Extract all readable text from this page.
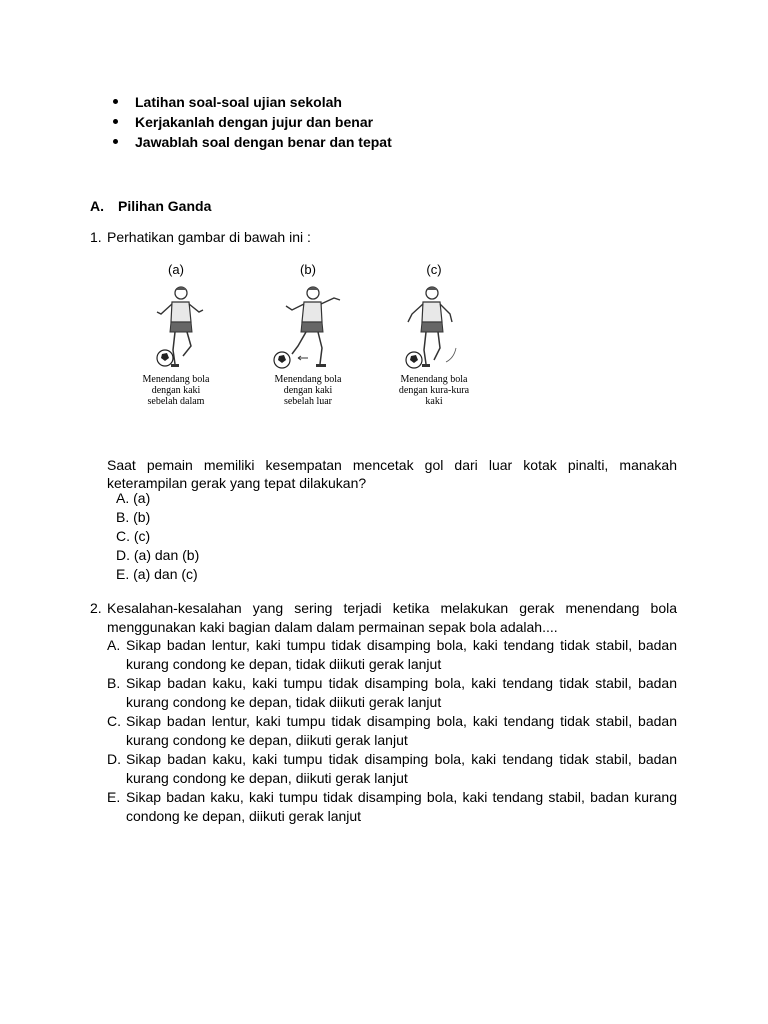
Latihan soal-soal ujian sekolah
Kerjakanlah dengan jujur dan benar
Jawablah soal dengan benar dan tepat
A. Pilihan Ganda
1. Perhatikan gambar di bawah ini :
(a)
Menendang bola
dengan kaki
sebelah dalam
(b)
Menendang bola
dengan kaki
sebelah luar
(c)
Menendang bola
dengan kura-kura
kaki
Saat pemain memiliki kesempatan mencetak gol dari luar kotak pinalti, manakah keterampilan gerak yang tepat dilakukan?
A. (a)
B. (b)
C. (c)
D. (a) dan (b)
E. (a) dan (c)
2. Kesalahan-kesalahan yang sering terjadi ketika melakukan gerak menendang bola menggunakan kaki bagian dalam dalam permainan sepak bola adalah....
A. Sikap badan lentur, kaki tumpu tidak disamping bola, kaki tendang tidak stabil, badan kurang condong ke depan, tidak diikuti gerak lanjut
B. Sikap badan kaku, kaki tumpu tidak disamping bola, kaki tendang tidak stabil, badan kurang condong ke depan, tidak diikuti gerak lanjut
C. Sikap badan lentur, kaki tumpu tidak disamping bola, kaki tendang tidak stabil, badan kurang condong ke depan, diikuti gerak lanjut
D. Sikap badan kaku, kaki tumpu tidak disamping bola, kaki tendang tidak stabil, badan kurang condong ke depan, diikuti gerak lanjut
E. Sikap badan kaku, kaki tumpu tidak disamping bola, kaki tendang stabil, badan kurang condong ke depan, diikuti gerak lanjut
